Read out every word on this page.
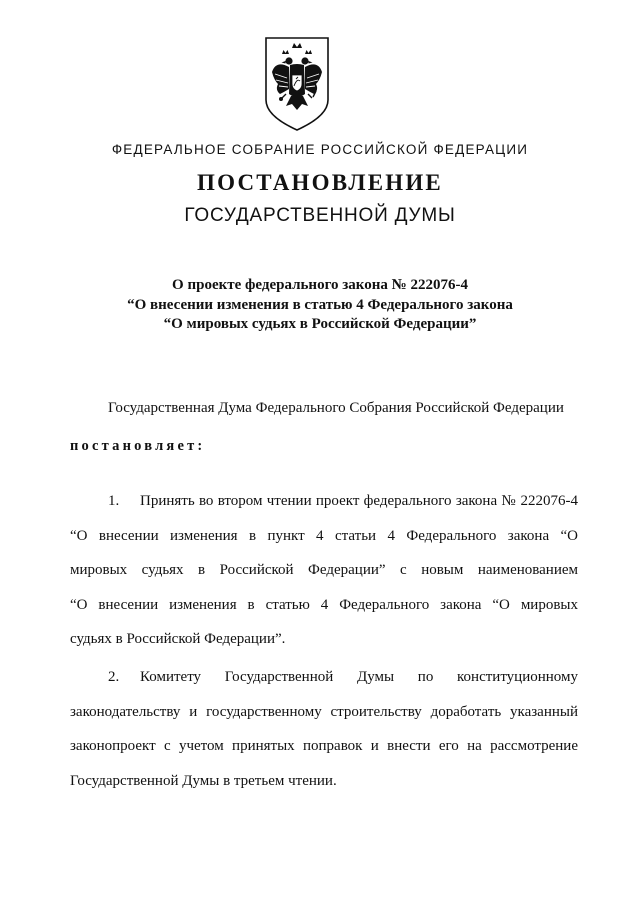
ФЕДЕРАЛЬНОЕ СОБРАНИЕ РОССИЙСКОЙ ФЕДЕРАЦИИ
ПОСТАНОВЛЕНИЕ
ГОСУДАРСТВЕННОЙ ДУМЫ
О проекте федерального закона № 222076-4
“О внесении изменения в статью 4 Федерального закона
“О мировых судьях в Российской Федерации”
Государственная Дума Федерального Собрания Российской Федерации
постановляет:
1. Принять во втором чтении проект федерального закона № 222076-4
“О внесении изменения в пункт 4 статьи 4 Федерального закона “О
мировых судьях в Российской Федерации” с новым наименованием
“О внесении изменения в статью 4 Федерального закона “О мировых
судьях в Российской Федерации”.
2. Комитету Государственной Думы по конституционному
законодательству и государственному строительству доработать указанный
законопроект с учетом принятых поправок и внести его на рассмотрение
Государственной Думы в третьем чтении.
